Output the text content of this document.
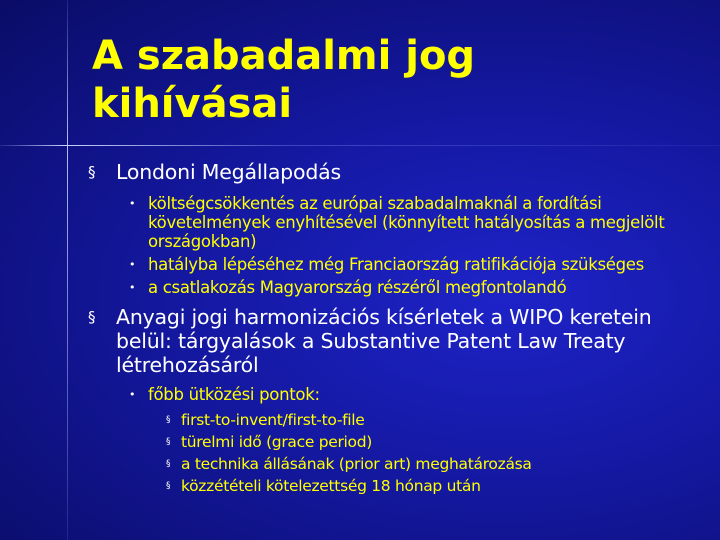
A szabadalmi jog
kihívásai
§ Londoni Megállapodás
• költségcsökkentés az európai szabadalmaknál a fordítási követelmények enyhítésével (könnyített hatályosítás a megjelölt országokban)
• hatályba lépéséhez még Franciaország ratifikációja szükséges
• a csatlakozás Magyarország részéről megfontolandó
§ Anyagi jogi harmonizációs kísérletek a WIPO keretein belül: tárgyalások a Substantive Patent Law Treaty létrehozásáról
• főbb ütközési pontok:
§ first-to-invent/first-to-file
§ türelmi idő (grace period)
§ a technika állásának (prior art) meghatározása
§ közzétételi kötelezettség 18 hónap után
